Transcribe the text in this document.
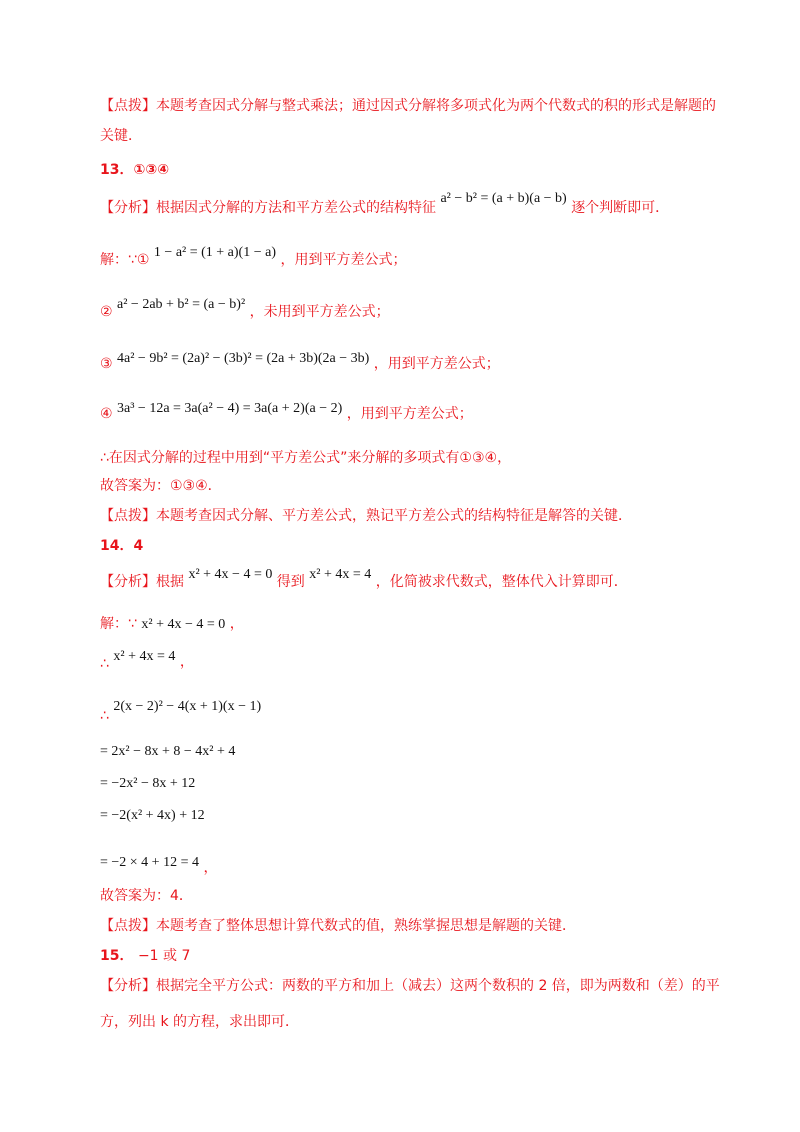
【点拨】本题考查因式分解与整式乘法；通过因式分解将多项式化为两个代数式的积的形式是解题的
关键．
13．①③④
【分析】根据因式分解的方法和平方差公式的结构特征 a² − b² = (a + b)(a − b) 逐个判断即可．
解：∵① 1 − a² = (1 + a)(1 − a) ，用到平方差公式；
② a² − 2ab + b² = (a − b)² ，未用到平方差公式；
③ 4a² − 9b² = (2a)² − (3b)² = (2a + 3b)(2a − 3b) ，用到平方差公式；
④ 3a³ − 12a = 3a(a² − 4) = 3a(a + 2)(a − 2) ，用到平方差公式；
∴在因式分解的过程中用到“平方差公式”来分解的多项式有①③④，
故答案为：①③④．
【点拨】本题考查因式分解、平方差公式，熟记平方差公式的结构特征是解答的关键．
14．4
【分析】根据 x² + 4x − 4 = 0 得到 x² + 4x = 4 ，化简被求代数式，整体代入计算即可．
解：∵ x² + 4x − 4 = 0 ，
∴ x² + 4x = 4 ，
∴ 2(x − 2)² − 4(x + 1)(x − 1)
= 2x² − 8x + 8 − 4x² + 4
= −2x² − 8x + 12
= −2(x² + 4x) + 12
= −2 × 4 + 12 = 4 ，
故答案为：4．
【点拨】本题考查了整体思想计算代数式的值，熟练掌握思想是解题的关键．
15． −1 或 7
【分析】根据完全平方公式：两数的平方和加上（减去）这两个数积的 2 倍，即为两数和（差）的平
方，列出 k 的方程，求出即可．
